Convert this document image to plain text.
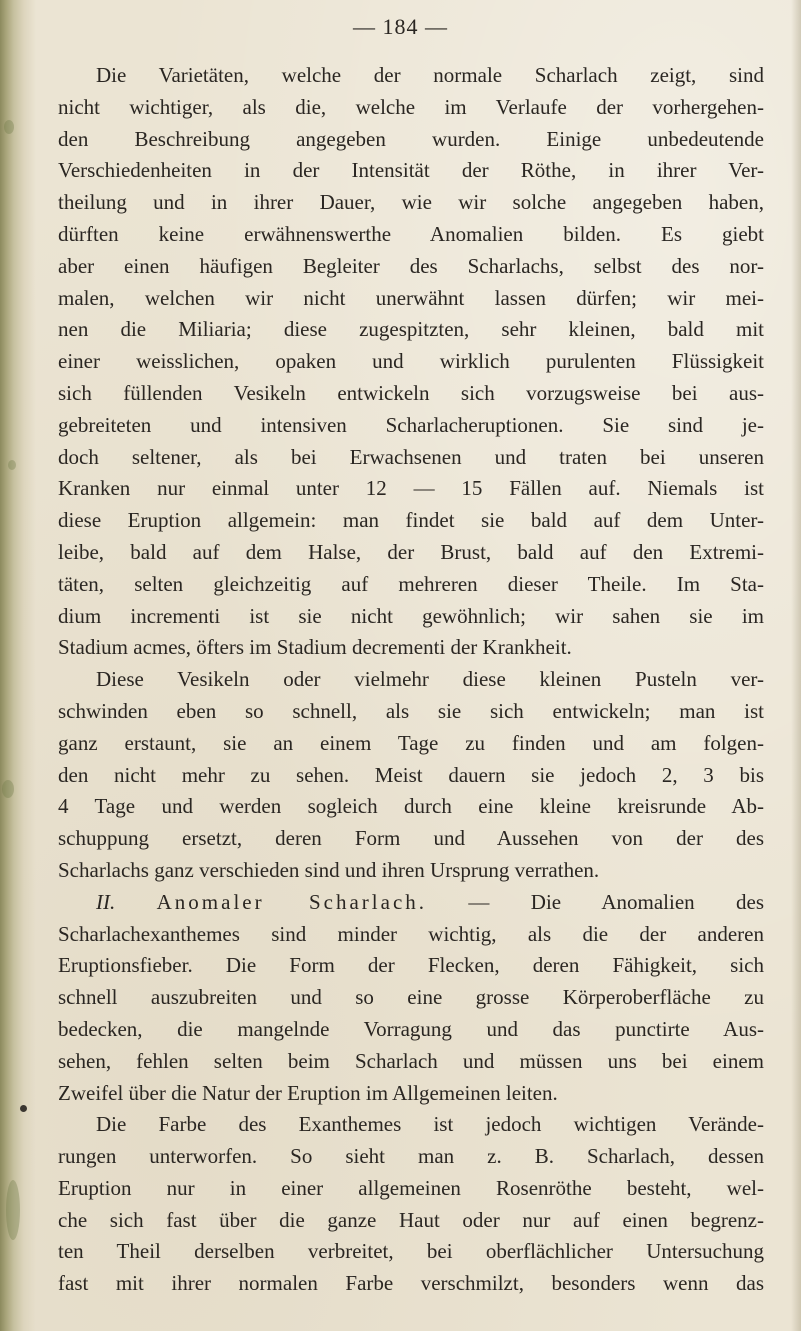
— 184 —
Die Varietäten, welche der normale Scharlach zeigt, sind
nicht wichtiger, als die, welche im Verlaufe der vorhergehen-
den Beschreibung angegeben wurden. Einige unbedeutende
Verschiedenheiten in der Intensität der Röthe, in ihrer Ver-
theilung und in ihrer Dauer, wie wir solche angegeben haben,
dürften keine erwähnenswerthe Anomalien bilden. Es giebt
aber einen häufigen Begleiter des Scharlachs, selbst des nor-
malen, welchen wir nicht unerwähnt lassen dürfen; wir mei-
nen die Miliaria; diese zugespitzten, sehr kleinen, bald mit
einer weisslichen, opaken und wirklich purulenten Flüssigkeit
sich füllenden Vesikeln entwickeln sich vorzugsweise bei aus-
gebreiteten und intensiven Scharlacheruptionen. Sie sind je-
doch seltener, als bei Erwachsenen und traten bei unseren
Kranken nur einmal unter 12 — 15 Fällen auf. Niemals ist
diese Eruption allgemein: man findet sie bald auf dem Unter-
leibe, bald auf dem Halse, der Brust, bald auf den Extremi-
täten, selten gleichzeitig auf mehreren dieser Theile. Im Sta-
dium incrementi ist sie nicht gewöhnlich; wir sahen sie im
Stadium acmes, öfters im Stadium decrementi der Krankheit.
Diese Vesikeln oder vielmehr diese kleinen Pusteln ver-
schwinden eben so schnell, als sie sich entwickeln; man ist
ganz erstaunt, sie an einem Tage zu finden und am folgen-
den nicht mehr zu sehen. Meist dauern sie jedoch 2, 3 bis
4 Tage und werden sogleich durch eine kleine kreisrunde Ab-
schuppung ersetzt, deren Form und Aussehen von der des
Scharlachs ganz verschieden sind und ihren Ursprung verrathen.
II. Anomaler Scharlach. — Die Anomalien des
Scharlachexanthemes sind minder wichtig, als die der anderen
Eruptionsfieber. Die Form der Flecken, deren Fähigkeit, sich
schnell auszubreiten und so eine grosse Körperoberfläche zu
bedecken, die mangelnde Vorragung und das punctirte Aus-
sehen, fehlen selten beim Scharlach und müssen uns bei einem
Zweifel über die Natur der Eruption im Allgemeinen leiten.
Die Farbe des Exanthemes ist jedoch wichtigen Verände-
rungen unterworfen. So sieht man z. B. Scharlach, dessen
Eruption nur in einer allgemeinen Rosenröthe besteht, wel-
che sich fast über die ganze Haut oder nur auf einen begrenz-
ten Theil derselben verbreitet, bei oberflächlicher Untersuchung
fast mit ihrer normalen Farbe verschmilzt, besonders wenn das
